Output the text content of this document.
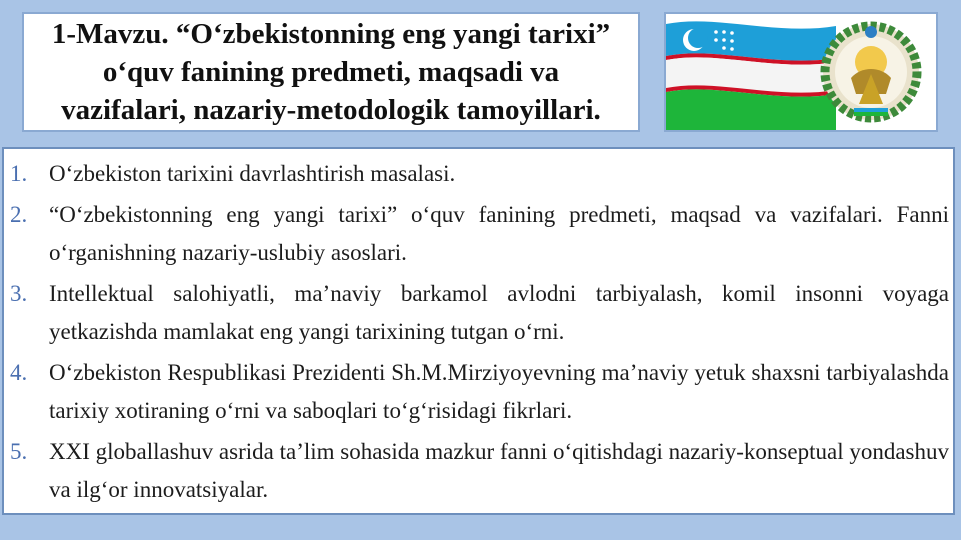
1-Mavzu. “O‘zbekistonning eng yangi tarixi”
o‘quv fanining predmeti, maqsadi va
vazifalari, nazariy-metodologik tamoyillari.
1. O‘zbekiston tarixini davrlashtirish masalasi.
2. “O‘zbekistonning eng yangi tarixi” o‘quv fanining predmeti, maqsad va vazifalari. Fanni o‘rganishning nazariy-uslubiy asoslari.
3. Intellektual salohiyatli, ma’naviy barkamol avlodni tarbiyalash, komil insonni voyaga yetkazishda mamlakat eng yangi tarixining tutgan o‘rni.
4. O‘zbekiston Respublikasi Prezidenti Sh.M.Mirziyoyevning ma’naviy yetuk shaxsni tarbiyalashda tarixiy xotiraning o‘rni va saboqlari to‘g‘risidagi fikrlari.
5. XXI globallashuv asrida ta’lim sohasida mazkur fanni o‘qitishdagi nazariy-konseptual yondashuv va ilg‘or innovatsiyalar.
